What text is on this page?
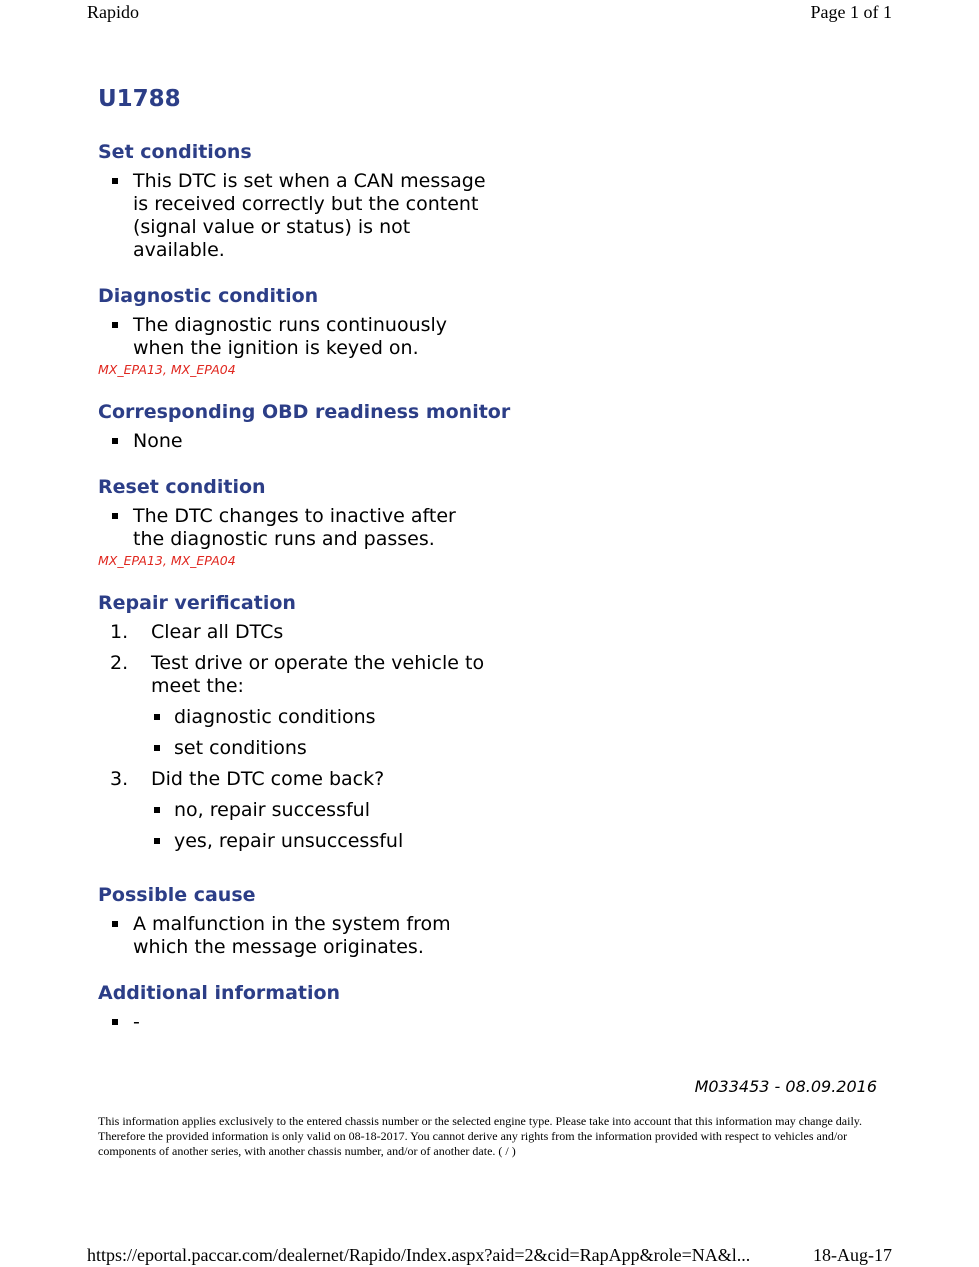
Rapido	Page 1 of 1
U1788
Set conditions
This DTC is set when a CAN message is received correctly but the content (signal value or status) is not available.
Diagnostic condition
The diagnostic runs continuously when the ignition is keyed on.
MX_EPA13, MX_EPA04
Corresponding OBD readiness monitor
None
Reset condition
The DTC changes to inactive after the diagnostic runs and passes.
MX_EPA13, MX_EPA04
Repair verification
1. Clear all DTCs
2. Test drive or operate the vehicle to meet the:
diagnostic conditions
set conditions
3. Did the DTC come back?
no, repair successful
yes, repair unsuccessful
Possible cause
A malfunction in the system from which the message originates.
Additional information
-
M033453 - 08.09.2016
This information applies exclusively to the entered chassis number or the selected engine type. Please take into account that this information may change daily. Therefore the provided information is only valid on 08-18-2017. You cannot derive any rights from the information provided with respect to vehicles and/or components of another series, with another chassis number, and/or of another date. ( / )
https://eportal.paccar.com/dealernet/Rapido/Index.aspx?aid=2&cid=RapApp&role=NA&l...	18-Aug-17
